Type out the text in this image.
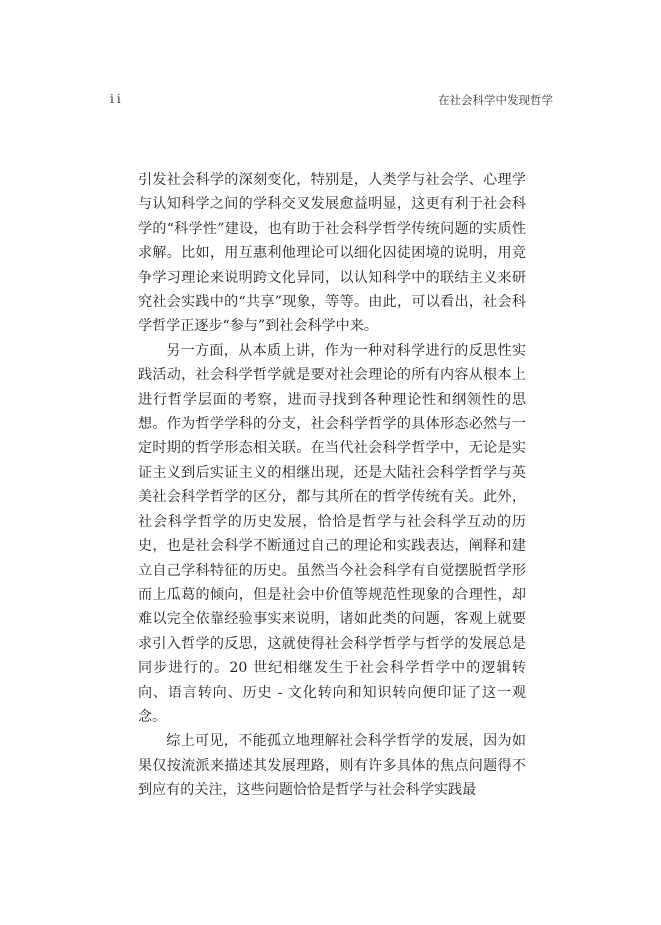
ii	在社会科学中发现哲学

引发社会科学的深刻变化，特别是，人类学与社会学、心理学与认知科学之间的学科交叉发展愈益明显，这更有利于社会科学的“科学性”建设，也有助于社会科学哲学传统问题的实质性求解。比如，用互惠利他理论可以细化囚徒困境的说明，用竞争学习理论来说明跨文化异同，以认知科学中的联结主义来研究社会实践中的“共享”现象，等等。由此，可以看出，社会科学哲学正逐步“参与”到社会科学中来。

另一方面，从本质上讲，作为一种对科学进行的反思性实践活动，社会科学哲学就是要对社会理论的所有内容从根本上进行哲学层面的考察，进而寻找到各种理论性和纲领性的思想。作为哲学学科的分支，社会科学哲学的具体形态必然与一定时期的哲学形态相关联。在当代社会科学哲学中，无论是实证主义到后实证主义的相继出现，还是大陆社会科学哲学与英美社会科学哲学的区分，都与其所在的哲学传统有关。此外，社会科学哲学的历史发展，恰恰是哲学与社会科学互动的历史，也是社会科学不断通过自己的理论和实践表达，阐释和建立自己学科特征的历史。虽然当今社会科学有自觉摆脱哲学形而上瓜葛的倾向，但是社会中价值等规范性现象的合理性，却难以完全依靠经验事实来说明，诸如此类的问题，客观上就要求引入哲学的反思，这就使得社会科学哲学与哲学的发展总是同步进行的。20 世纪相继发生于社会科学哲学中的逻辑转向、语言转向、历史 - 文化转向和知识转向便印证了这一观念。

综上可见，不能孤立地理解社会科学哲学的发展，因为如果仅按流派来描述其发展理路，则有许多具体的焦点问题得不到应有的关注，这些问题恰恰是哲学与社会科学实践最
